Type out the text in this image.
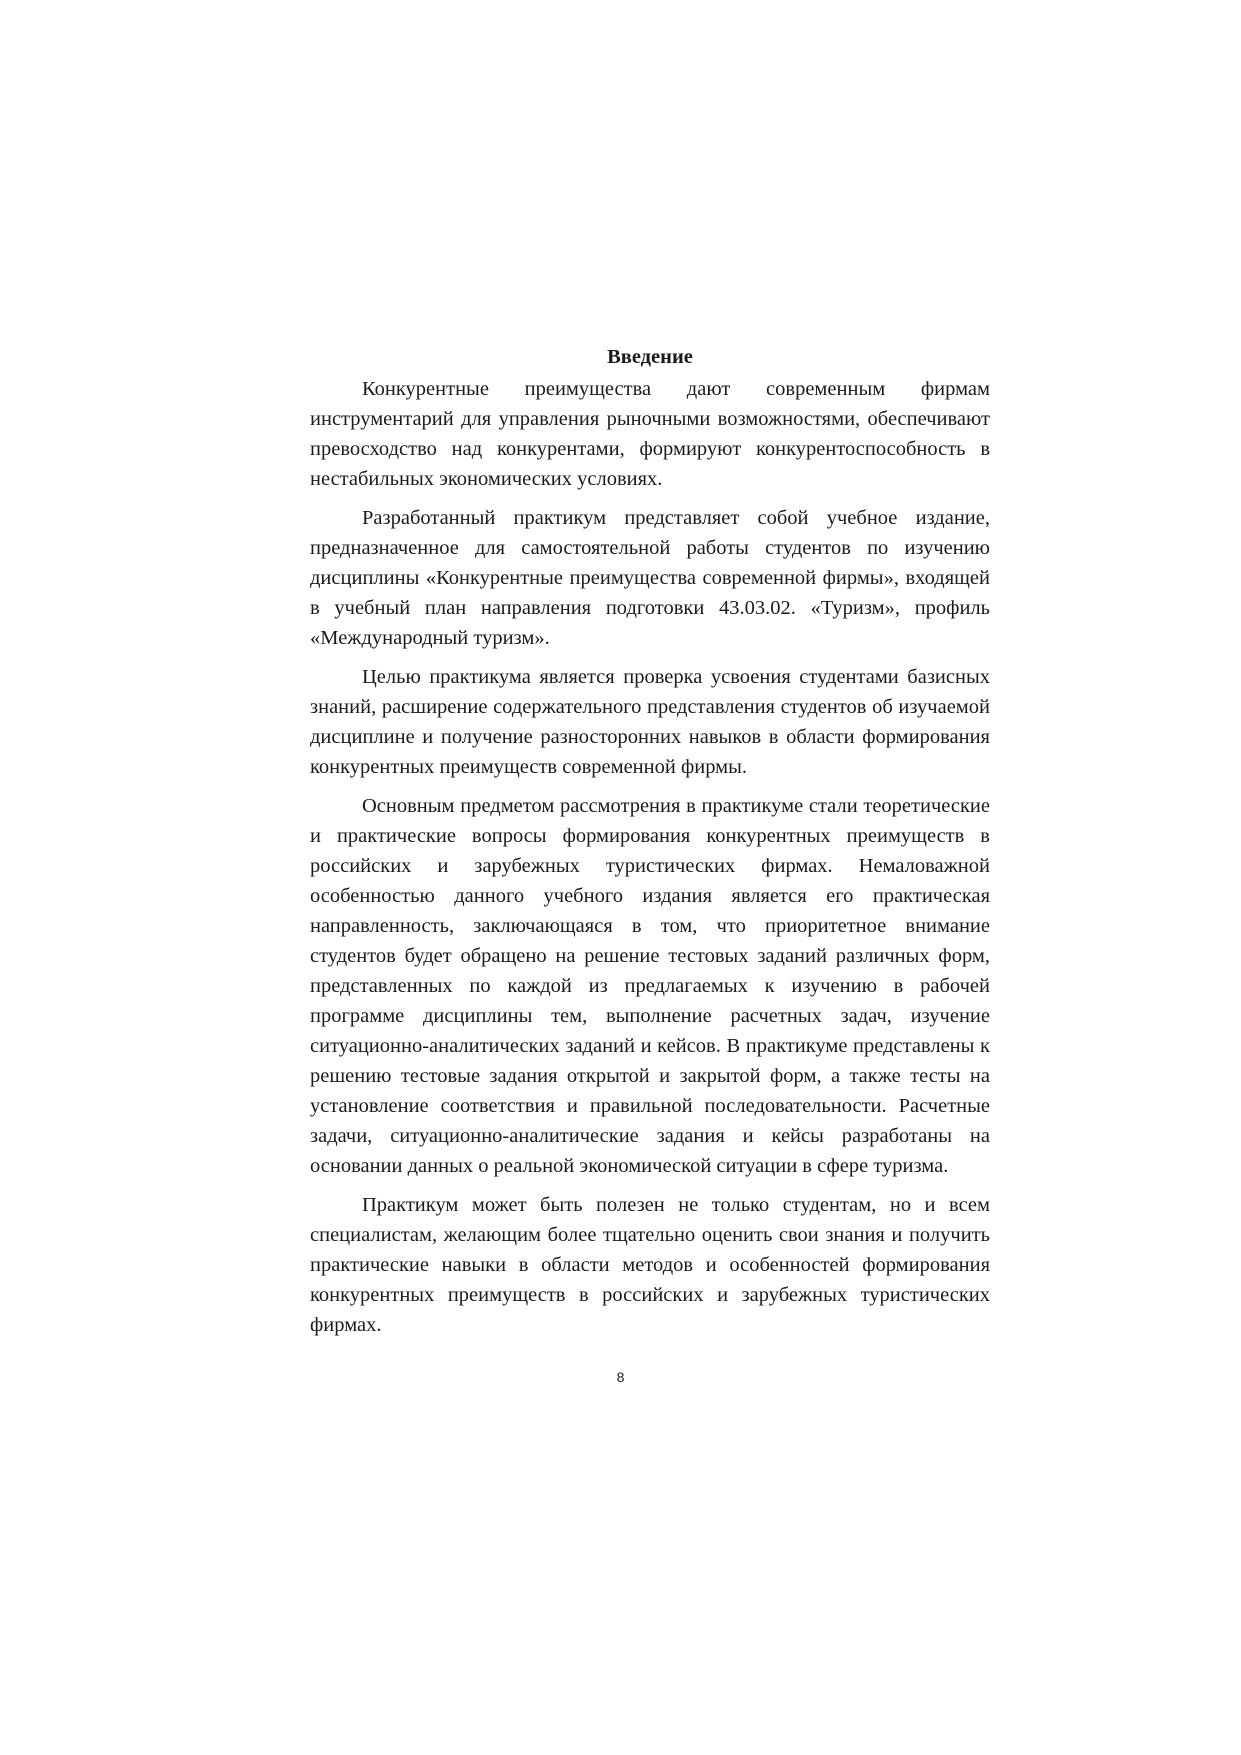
Введение

Конкурентные преимущества дают современным фирмам инструментарий для управления рыночными возможностями, обеспечивают превосходство над конкурентами, формируют конкурентоспособность в нестабильных экономических условиях.

Разработанный практикум представляет собой учебное издание, предназначенное для самостоятельной работы студентов по изучению дисциплины «Конкурентные преимущества современной фирмы», входящей в учебный план направления подготовки 43.03.02. «Туризм», профиль «Международный туризм».

Целью практикума является проверка усвоения студентами базисных знаний, расширение содержательного представления студентов об изучаемой дисциплине и получение разносторонних навыков в области формирования конкурентных преимуществ современной фирмы.

Основным предметом рассмотрения в практикуме стали теоретические и практические вопросы формирования конкурентных преимуществ в российских и зарубежных туристических фирмах. Немаловажной особенностью данного учебного издания является его практическая направленность, заключающаяся в том, что приоритетное внимание студентов будет обращено на решение тестовых заданий различных форм, представленных по каждой из предлагаемых к изучению в рабочей программе дисциплины тем, выполнение расчетных задач, изучение ситуационно-аналитических заданий и кейсов. В практикуме представлены к решению тестовые задания открытой и закрытой форм, а также тесты на установление соответствия и правильной последовательности. Расчетные задачи, ситуационно-аналитические задания и кейсы разработаны на основании данных о реальной экономической ситуации в сфере туризма.

Практикум может быть полезен не только студентам, но и всем специалистам, желающим более тщательно оценить свои знания и получить практические навыки в области методов и особенностей формирования конкурентных преимуществ в российских и зарубежных туристических фирмах.

8
